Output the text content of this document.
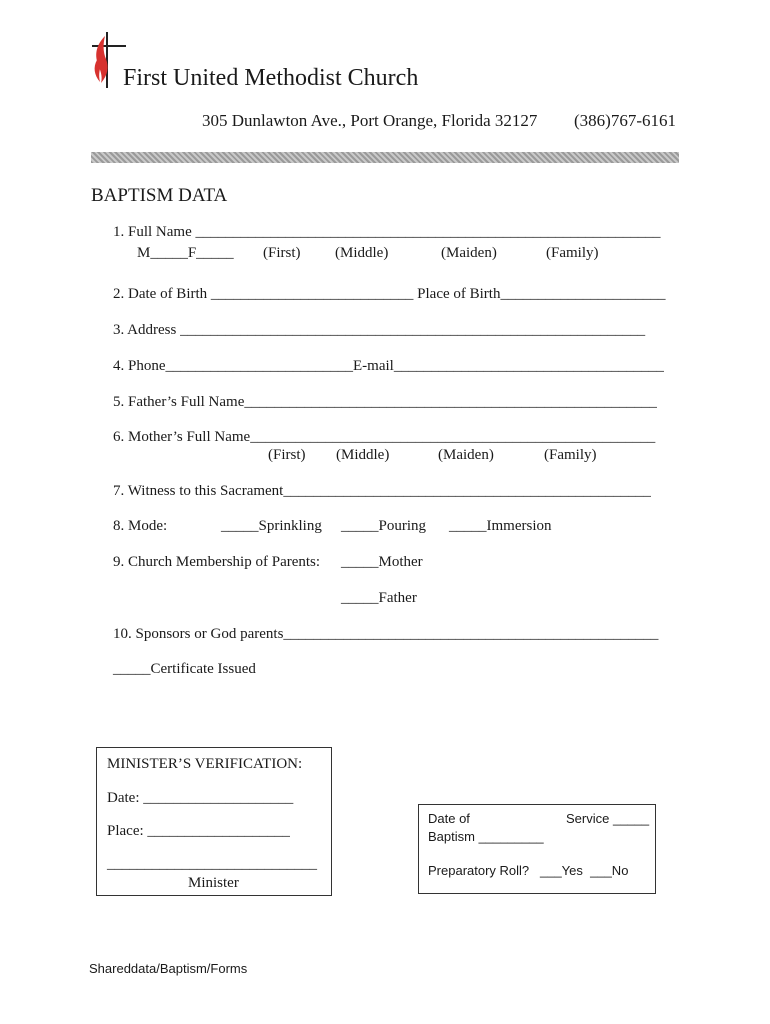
First United Methodist Church
305 Dunlawton Ave., Port Orange, Florida 32127 (386)767-6161
BAPTISM DATA
1. Full Name ______________________________________________________________
M_____F_____ (First) (Middle)	(Maiden)	(Family)
2. Date of Birth ___________________________ Place of Birth______________________
3. Address ______________________________________________________________
4. Phone_________________________E-mail____________________________________
5. Father’s Full Name_______________________________________________________
6. Mother’s Full Name______________________________________________________
(First) (Middle)	(Maiden)	(Family)
7. Witness to this Sacrament_________________________________________________
8. Mode:	_____Sprinkling _____Pouring _____Immersion
9. Church Membership of Parents: _____Mother
_____Father
10. Sponsors or God parents__________________________________________________
_____Certificate Issued
MINISTER’S VERIFICATION:
Date: ____________________
Place: ___________________
____________________________
Minister
Date of
Baptism _________
Service _____
Preparatory Roll?   ___Yes  ___No
Shareddata/Baptism/Forms
